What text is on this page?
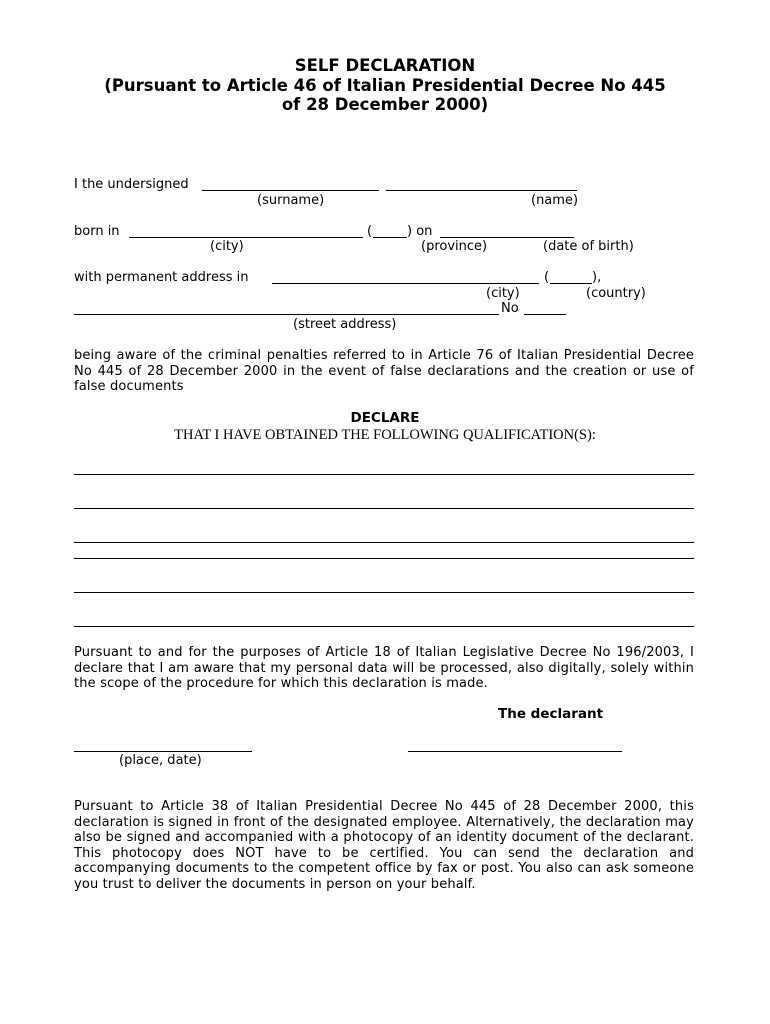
SELF DECLARATION
(Pursuant to Article 46 of Italian Presidential Decree No 445
of 28 December 2000)
I the undersigned
(surname)	(name)
born in	(	) on
(city)	(province)	(date of birth)
with permanent address in	(	),
(city)	(country)
No
(street address)
being aware of the criminal penalties referred to in Article 76 of Italian Presidential Decree No 445 of 28 December 2000 in the event of false declarations and the creation or use of false documents
DECLARE
THAT I HAVE OBTAINED THE FOLLOWING QUALIFICATION(S):
Pursuant to and for the purposes of Article 18 of Italian Legislative Decree No 196/2003, I declare that I am aware that my personal data will be processed, also digitally, solely within the scope of the procedure for which this declaration is made.
The declarant
(place, date)
Pursuant to Article 38 of Italian Presidential Decree No 445 of 28 December 2000, this declaration is signed in front of the designated employee. Alternatively, the declaration may also be signed and accompanied with a photocopy of an identity document of the declarant. This photocopy does NOT have to be certified. You can send the declaration and accompanying documents to the competent office by fax or post. You also can ask someone you trust to deliver the documents in person on your behalf.
